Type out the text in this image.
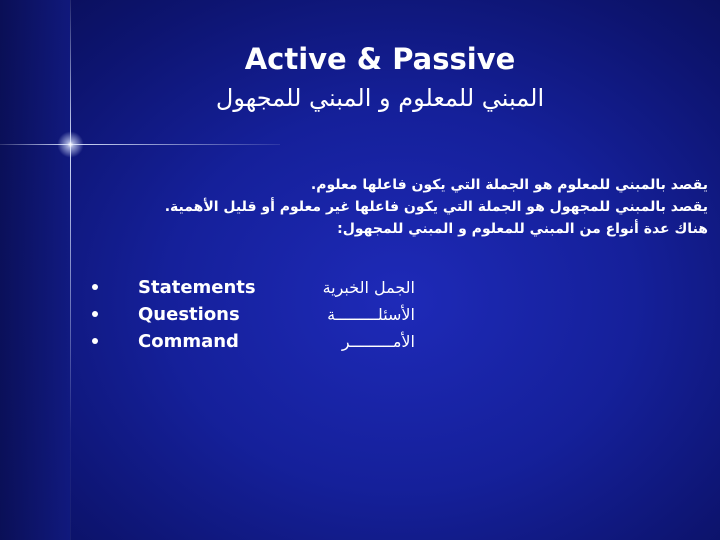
Active & Passive
المبني للمعلوم و المبني للمجهول

يقصد بالمبني للمعلوم هو الجملة التي يكون فاعلها معلوم.

يقصد بالمبني للمجهول هو الجملة التي يكون فاعلها غير معلوم أو قليل الأهمية.

هناك عدة أنواع من المبني للمعلوم و المبني للمجهول:

Statements
Questions
Command
الجمل الخبرية
الأسئلـــــــــة
الأمـــــــــر
